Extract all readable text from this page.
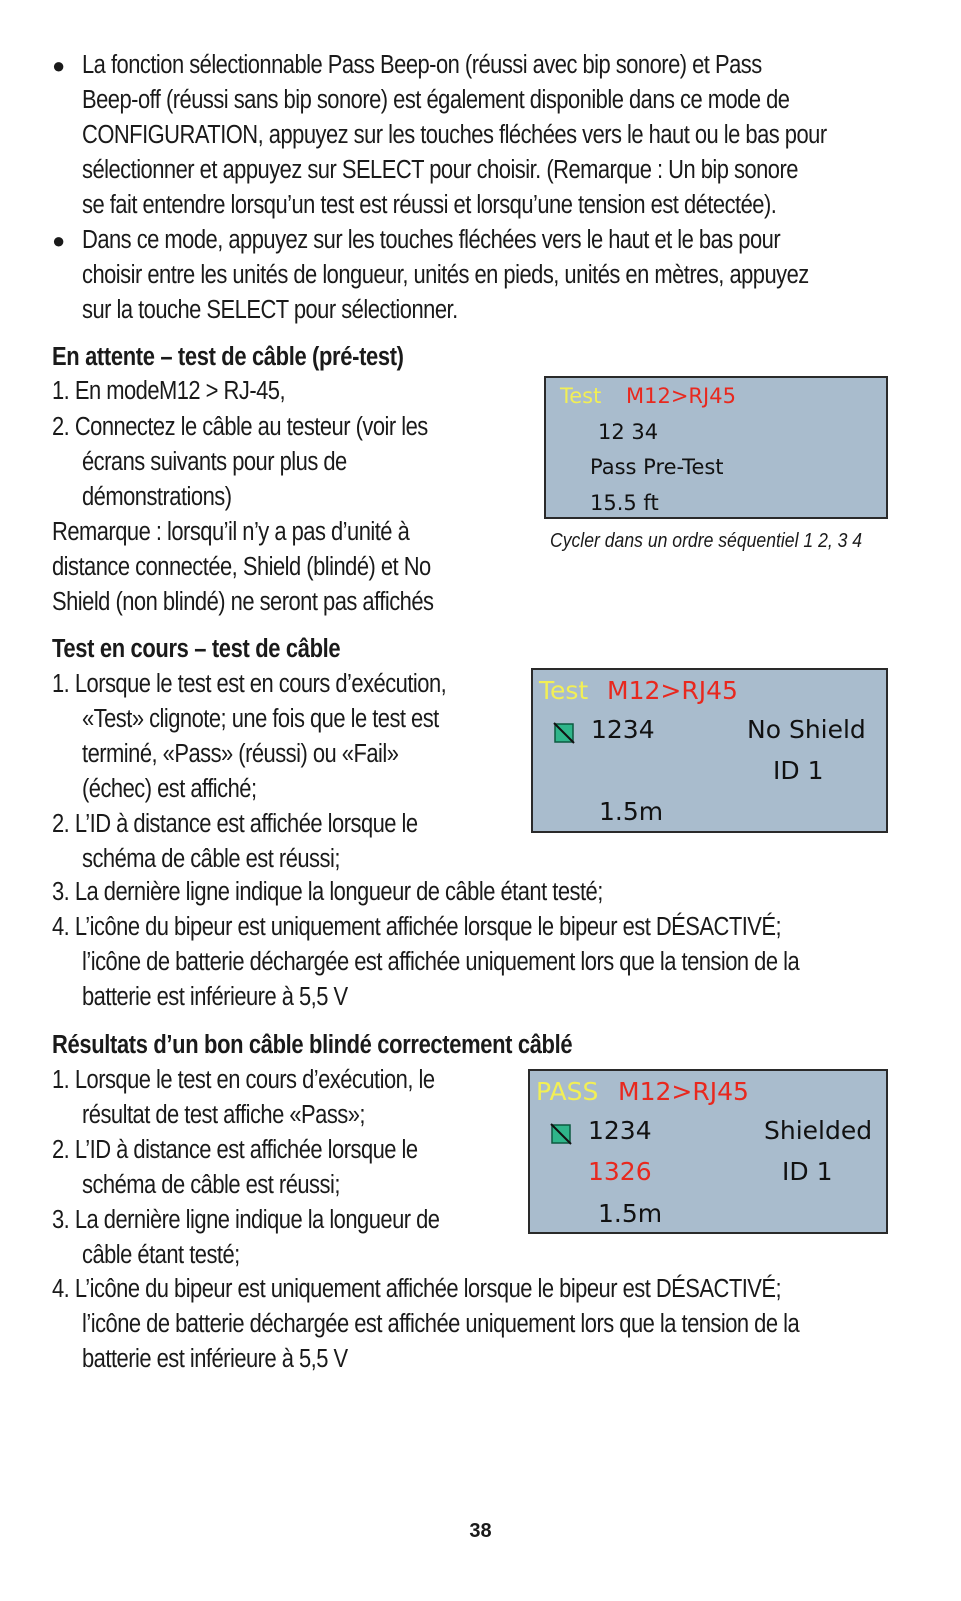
● La fonction sélectionnable Pass Beep-on (réussi avec bip sonore) et Pass
Beep-off (réussi sans bip sonore) est également disponible dans ce mode de
CONFIGURATION, appuyez sur les touches fléchées vers le haut ou le bas pour
sélectionner et appuyez sur SELECT pour choisir. (Remarque : Un bip sonore
se fait entendre lorsqu’un test est réussi et lorsqu’une tension est détectée).
● Dans ce mode, appuyez sur les touches fléchées vers le haut et le bas pour
choisir entre les unités de longueur, unités en pieds, unités en mètres, appuyez
sur la touche SELECT pour sélectionner.
En attente – test de câble (pré-test)
1. En modeM12 > RJ-45,
2. Connectez le câble au testeur (voir les
écrans suivants pour plus de
démonstrations)
Remarque : lorsqu’il n’y a pas d’unité à
distance connectée, Shield (blindé) et No
Shield (non blindé) ne seront pas affichés
Test M12>RJ45
12 34
Pass Pre-Test
15.5 ft
Cycler dans un ordre séquentiel 1 2, 3 4
Test en cours – test de câble
1. Lorsque le test est en cours d’exécution,
«Test» clignote; une fois que le test est
terminé, «Pass» (réussi) ou «Fail»
(échec) est affiché;
2. L’ID à distance est affichée lorsque le
schéma de câble est réussi;
3. La dernière ligne indique la longueur de câble étant testé;
4. L’icône du bipeur est uniquement affichée lorsque le bipeur est DÉSACTIVÉ;
l’icône de batterie déchargée est affichée uniquement lors que la tension de la
batterie est inférieure à 5,5 V
Test M12>RJ45
1234	No Shield
ID 1
1.5m
Résultats d’un bon câble blindé correctement câblé
1. Lorsque le test en cours d’exécution, le
résultat de test affiche «Pass»;
2. L’ID à distance est affichée lorsque le
schéma de câble est réussi;
3. La dernière ligne indique la longueur de
câble étant testé;
4. L’icône du bipeur est uniquement affichée lorsque le bipeur est DÉSACTIVÉ;
l’icône de batterie déchargée est affichée uniquement lors que la tension de la
batterie est inférieure à 5,5 V
PASS M12>RJ45
1234	Shielded
1326	ID 1
1.5m
38
